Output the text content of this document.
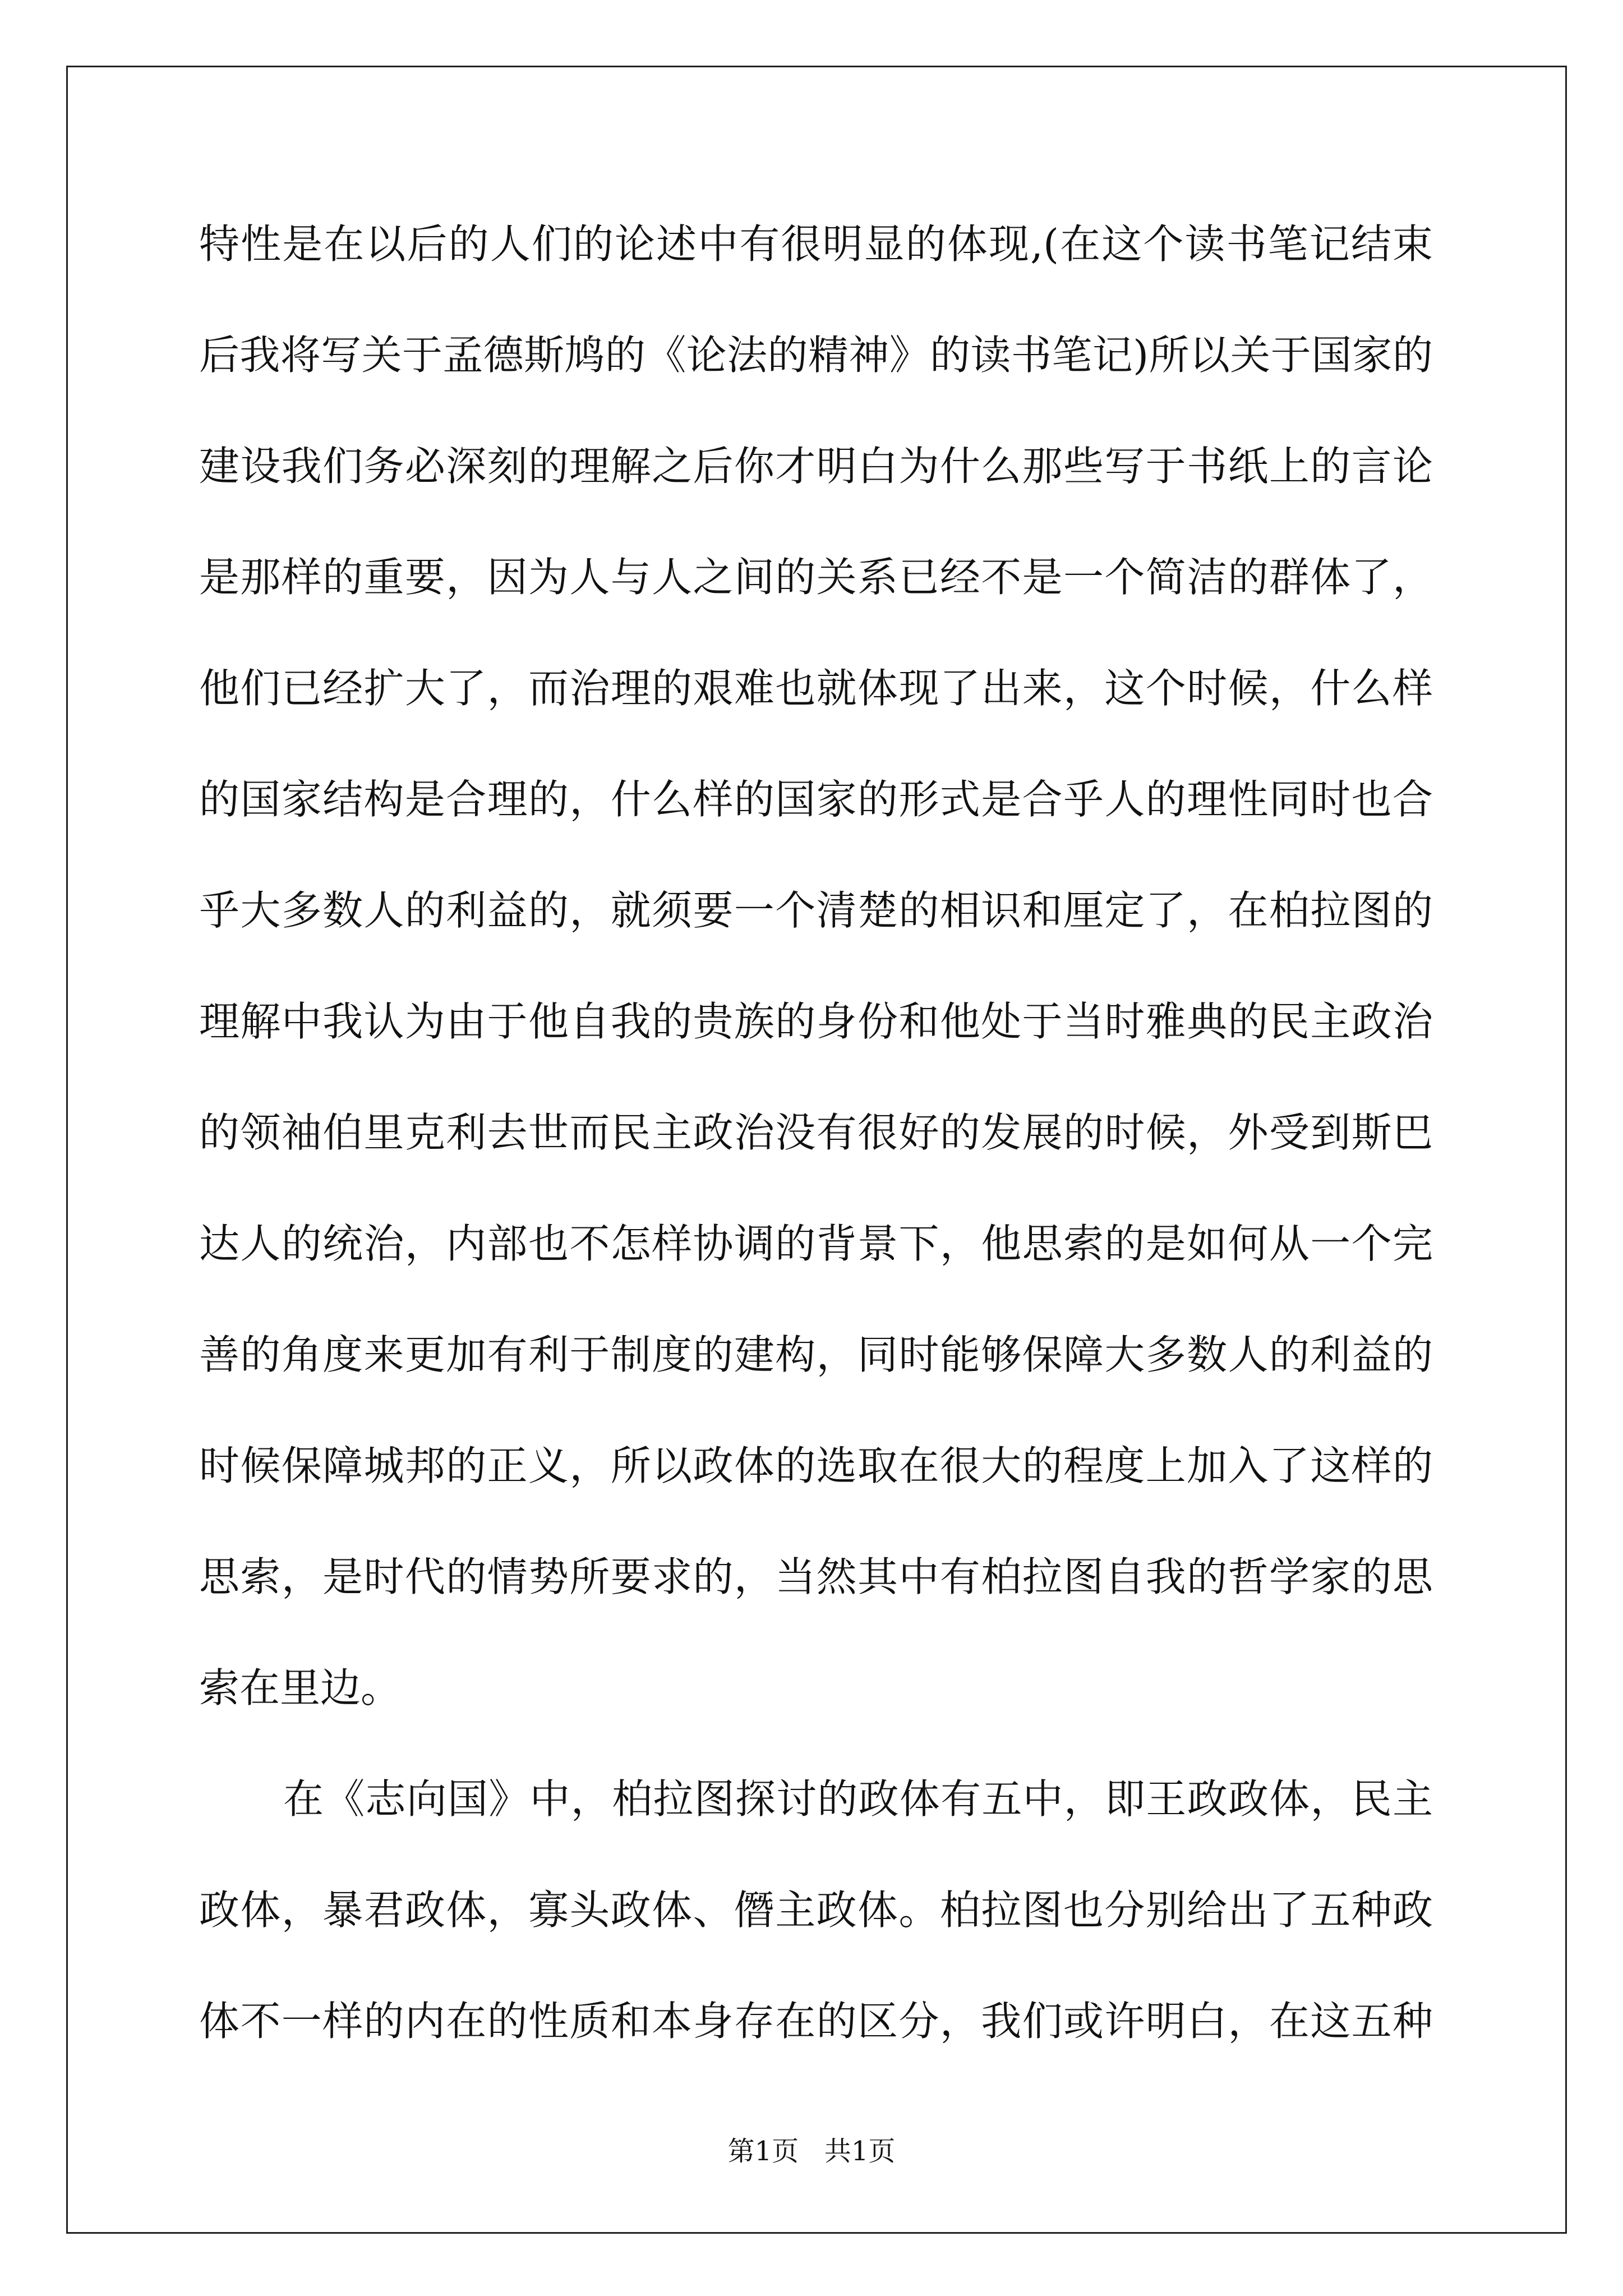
特性是在以后的人们的论述中有很明显的体现,(在这个读书笔记结束
后我将写关于孟德斯鸠的《论法的精神》的读书笔记)所以关于国家的
建设我们务必深刻的理解之后你才明白为什么那些写于书纸上的言论
是那样的重要，因为人与人之间的关系已经不是一个简洁的群体了，
他们已经扩大了，而治理的艰难也就体现了出来，这个时候，什么样
的国家结构是合理的，什么样的国家的形式是合乎人的理性同时也合
乎大多数人的利益的，就须要一个清楚的相识和厘定了，在柏拉图的
理解中我认为由于他自我的贵族的身份和他处于当时雅典的民主政治
的领袖伯里克利去世而民主政治没有很好的发展的时候，外受到斯巴
达人的统治，内部也不怎样协调的背景下，他思索的是如何从一个完
善的角度来更加有利于制度的建构，同时能够保障大多数人的利益的
时候保障城邦的正义，所以政体的选取在很大的程度上加入了这样的
思索，是时代的情势所要求的，当然其中有柏拉图自我的哲学家的思
索在里边。
在《志向国》中，柏拉图探讨的政体有五中，即王政政体，民主
政体，暴君政体，寡头政体、僭主政体。柏拉图也分别给出了五种政
体不一样的内在的性质和本身存在的区分，我们或许明白，在这五种
第1页   共1页
